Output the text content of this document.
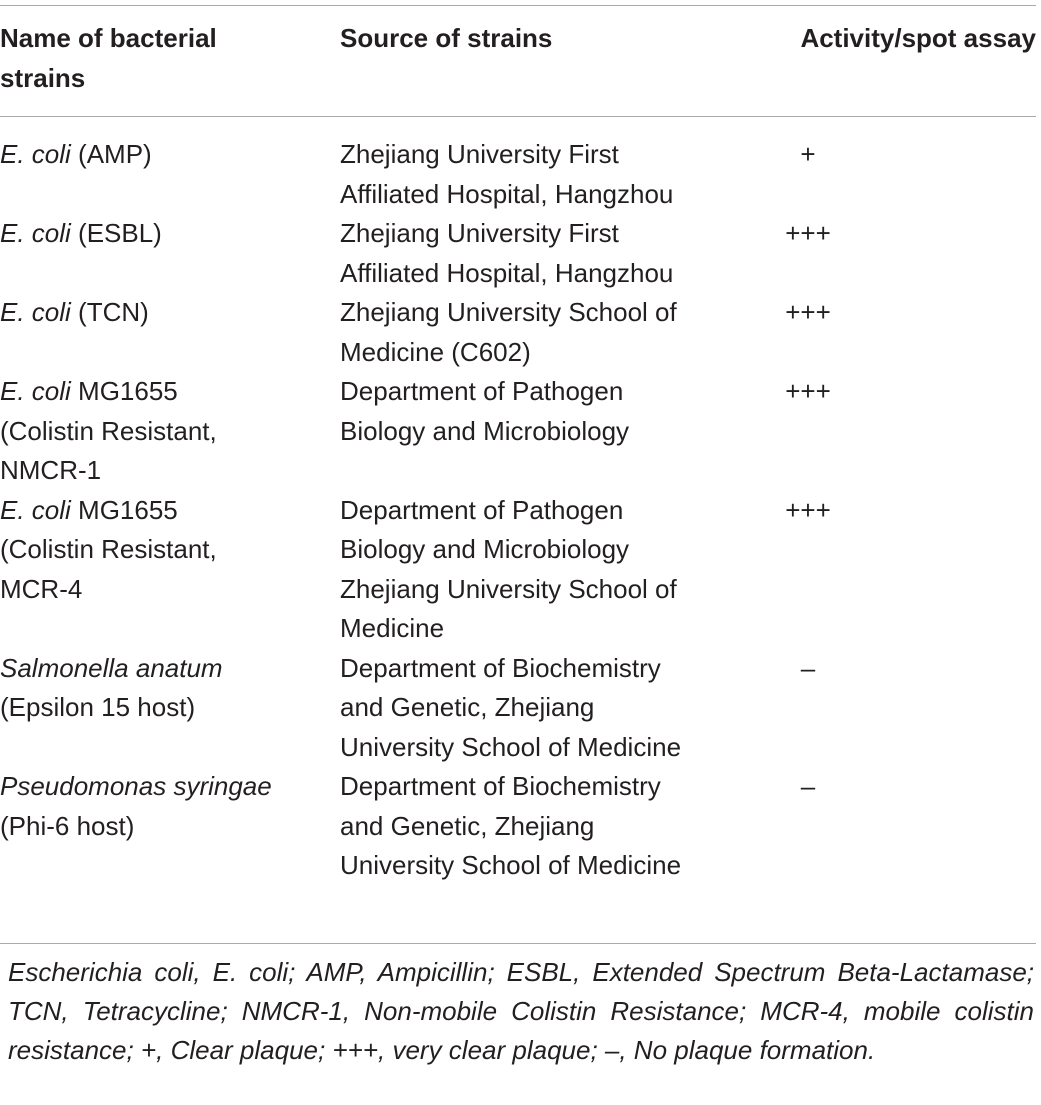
Name of bacterial
strains	Source of strains	Activity/spot assay

E. coli (AMP)	Zhejiang University First
Affiliated Hospital, Hangzhou	+

E. coli (ESBL)	Zhejiang University First
Affiliated Hospital, Hangzhou	+++

E. coli (TCN)	Zhejiang University School of
Medicine (C602)	+++

E. coli MG1655
(Colistin Resistant,
NMCR-1	Department of Pathogen
Biology and Microbiology	+++

E. coli MG1655
(Colistin Resistant,
MCR-4	Department of Pathogen
Biology and Microbiology
Zhejiang University School of
Medicine	+++

Salmonella anatum
(Epsilon 15 host)	Department of Biochemistry
and Genetic, Zhejiang
University School of Medicine	–

Pseudomonas syringae
(Phi-6 host)	Department of Biochemistry
and Genetic, Zhejiang
University School of Medicine	–
Escherichia coli, E. coli; AMP, Ampicillin; ESBL, Extended Spectrum Beta-Lactamase; TCN, Tetracycline; NMCR-1, Non-mobile Colistin Resistance; MCR-4, mobile colistin resistance; +, Clear plaque; +++, very clear plaque; –, No plaque formation.
